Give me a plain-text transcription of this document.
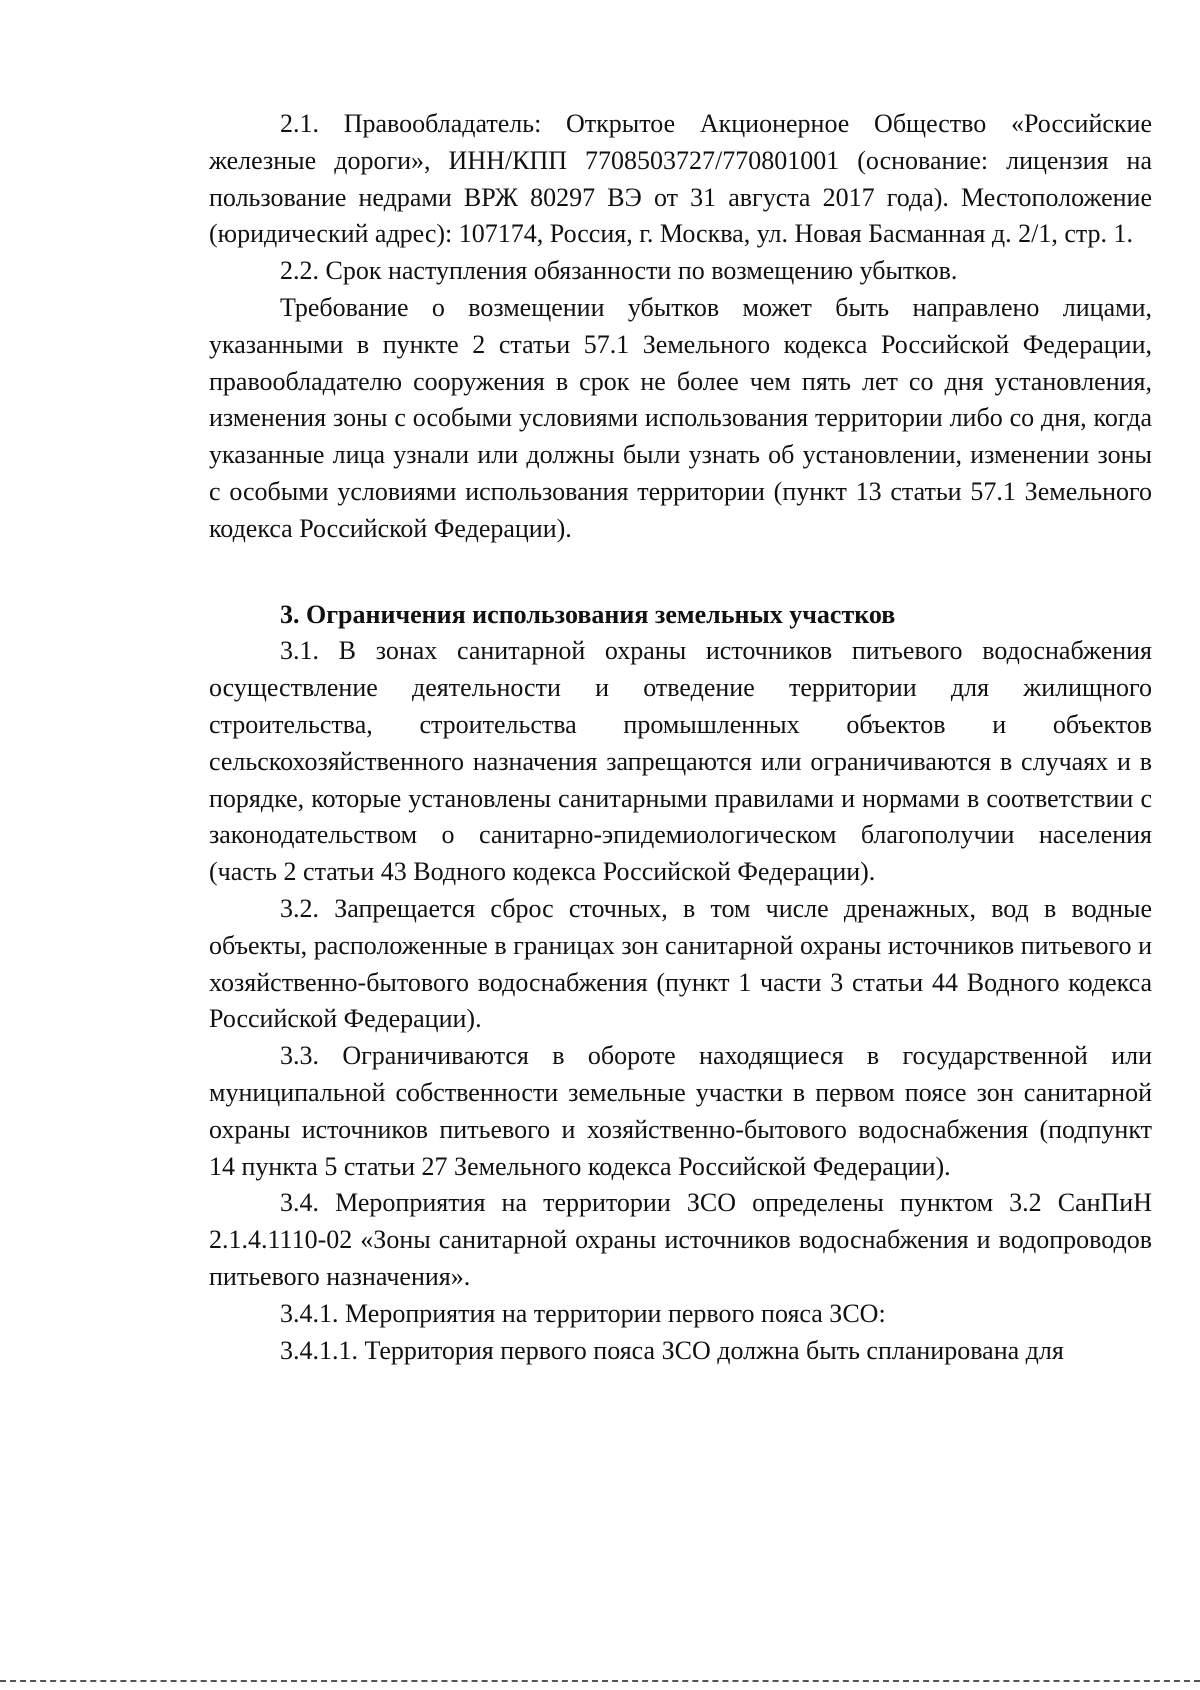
2.1. Правообладатель: Открытое Акционерное Общество «Российские железные дороги», ИНН/КПП 7708503727/770801001 (основание: лицензия на пользование недрами ВРЖ 80297 ВЭ от 31 августа 2017 года). Местоположение (юридический адрес): 107174, Россия, г. Москва, ул. Новая Басманная д. 2/1, стр. 1.

2.2. Срок наступления обязанности по возмещению убытков.

Требование о возмещении убытков может быть направлено лицами, указанными в пункте 2 статьи 57.1 Земельного кодекса Российской Федерации, правообладателю сооружения в срок не более чем пять лет со дня установления, изменения зоны с особыми условиями использования территории либо со дня, когда указанные лица узнали или должны были узнать об установлении, изменении зоны с особыми условиями использования территории (пункт 13 статьи 57.1 Земельного кодекса Российской Федерации).

3. Ограничения использования земельных участков

3.1. В зонах санитарной охраны источников питьевого водоснабжения осуществление деятельности и отведение территории для жилищного строительства, строительства промышленных объектов и объектов сельскохозяйственного назначения запрещаются или ограничиваются в случаях и в порядке, которые установлены санитарными правилами и нормами в соответствии с законодательством о санитарно-эпидемиологическом благополучии населения (часть 2 статьи 43 Водного кодекса Российской Федерации).

3.2. Запрещается сброс сточных, в том числе дренажных, вод в водные объекты, расположенные в границах зон санитарной охраны источников питьевого и хозяйственно-бытового водоснабжения (пункт 1 части 3 статьи 44 Водного кодекса Российской Федерации).

3.3. Ограничиваются в обороте находящиеся в государственной или муниципальной собственности земельные участки в первом поясе зон санитарной охраны источников питьевого и хозяйственно-бытового водоснабжения (подпункт 14 пункта 5 статьи 27 Земельного кодекса Российской Федерации).

3.4. Мероприятия на территории ЗСО определены пунктом 3.2 СанПиН 2.1.4.1110-02 «Зоны санитарной охраны источников водоснабжения и водопроводов питьевого назначения».

3.4.1. Мероприятия на территории первого пояса ЗСО:

3.4.1.1. Территория первого пояса ЗСО должна быть спланирована для
